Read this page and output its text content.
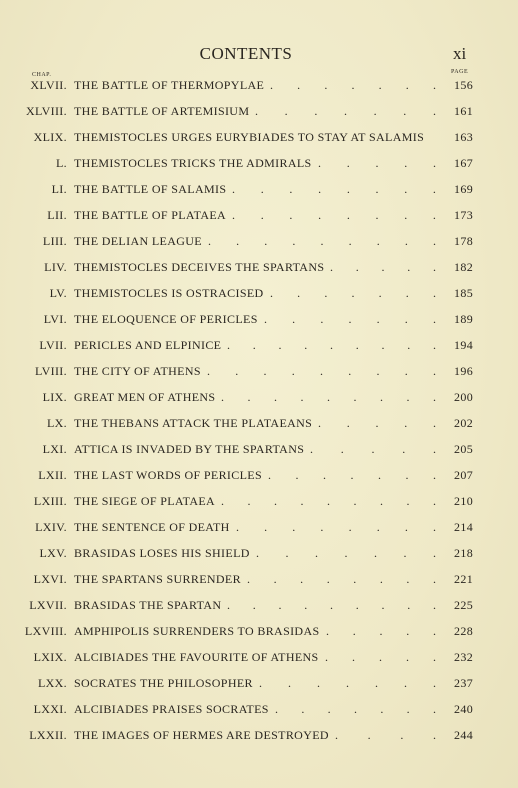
CONTENTS	xi
CHAP.	PAGE
XLVII. THE BATTLE OF THERMOPYLAE . . . . . . . 156
XLVIII. THE BATTLE OF ARTEMISIUM . . . . . . . 161
XLIX. THEMISTOCLES URGES EURYBIADES TO STAY AT SALAMIS 163
L. THEMISTOCLES TRICKS THE ADMIRALS . . . . . 167
LI. THE BATTLE OF SALAMIS . . . . . . . . 169
LII. THE BATTLE OF PLATAEA . . . . . . . . 173
LIII. THE DELIAN LEAGUE . . . . . . . . . 178
LIV. THEMISTOCLES DECEIVES THE SPARTANS . . . . . 182
LV. THEMISTOCLES IS OSTRACISED . . . . . . . 185
LVI. THE ELOQUENCE OF PERICLES . . . . . . . 189
LVII. PERICLES AND ELPINICE . . . . . . . . . 194
LVIII. THE CITY OF ATHENS . . . . . . . . . 196
LIX. GREAT MEN OF ATHENS . . . . . . . . . 200
LX. THE THEBANS ATTACK THE PLATAEANS . . . . . 202
LXI. ATTICA IS INVADED BY THE SPARTANS . . . . . 205
LXII. THE LAST WORDS OF PERICLES . . . . . . . 207
LXIII. THE SIEGE OF PLATAEA . . . . . . . . . 210
LXIV. THE SENTENCE OF DEATH . . . . . . . . 214
LXV. BRASIDAS LOSES HIS SHIELD . . . . . . . 218
LXVI. THE SPARTANS SURRENDER . . . . . . . . 221
LXVII. BRASIDAS THE SPARTAN . . . . . . . . . 225
LXVIII. AMPHIPOLIS SURRENDERS TO BRASIDAS . . . . . 228
LXIX. ALCIBIADES THE FAVOURITE OF ATHENS . . . . . 232
LXX. SOCRATES THE PHILOSOPHER . . . . . . . 237
LXXI. ALCIBIADES PRAISES SOCRATES . . . . . . . 240
LXXII. THE IMAGES OF HERMES ARE DESTROYED . . . . 244
